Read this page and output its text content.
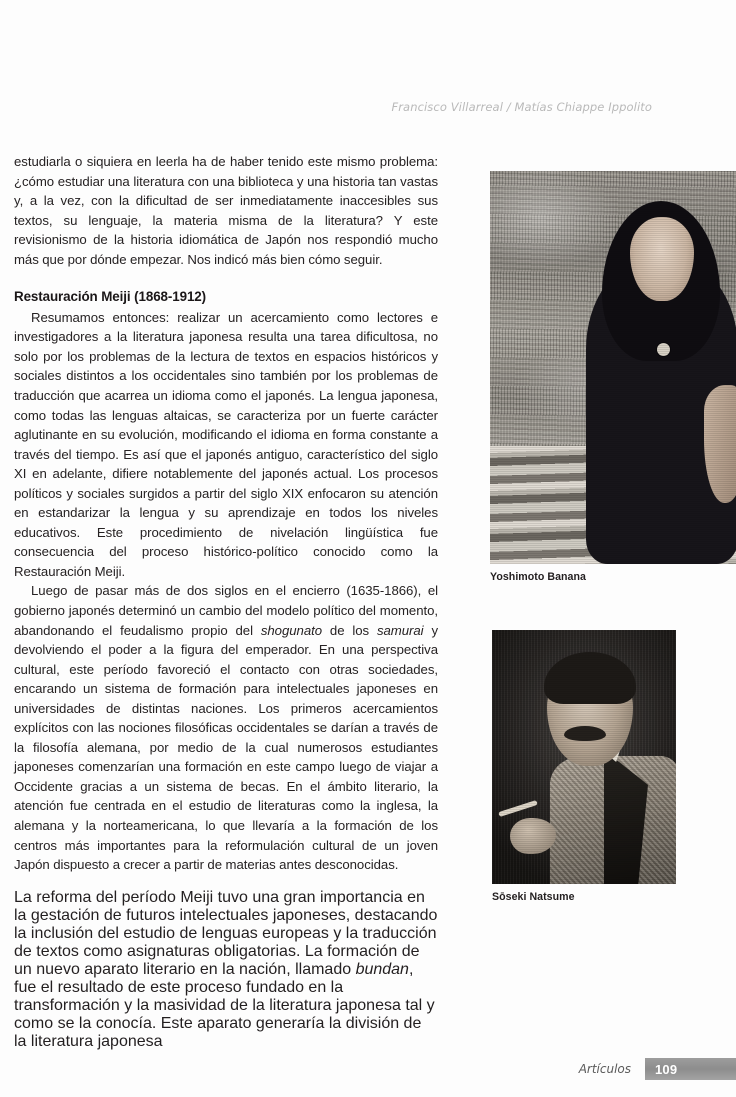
Francisco Villarreal / Matías Chiappe Ippolito

estudiarla o siquiera en leerla ha de haber tenido este mismo problema: ¿cómo estudiar una literatura con una biblioteca y una historia tan vastas y, a la vez, con la dificultad de ser inmediatamente inaccesibles sus textos, su lenguaje, la materia misma de la literatura? Y este revisionismo de la historia idiomática de Japón nos respondió mucho más que por dónde empezar. Nos indicó más bien cómo seguir.

Restauración Meiji (1868-1912)

Resumamos entonces: realizar un acercamiento como lectores e investigadores a la literatura japonesa resulta una tarea dificultosa, no solo por los problemas de la lectura de textos en espacios históricos y sociales distintos a los occidentales sino también por los problemas de traducción que acarrea un idioma como el japonés. La lengua japonesa, como todas las lenguas altaicas, se caracteriza por un fuerte carácter aglutinante en su evolución, modificando el idioma en forma constante a través del tiempo. Es así que el japonés antiguo, característico del siglo XI en adelante, difiere notablemente del japonés actual. Los procesos políticos y sociales surgidos a partir del siglo XIX enfocaron su atención en estandarizar la lengua y su aprendizaje en todos los niveles educativos. Este procedimiento de nivelación lingüística fue consecuencia del proceso histórico-político conocido como la Restauración Meiji.

Luego de pasar más de dos siglos en el encierro (1635-1866), el gobierno japonés determinó un cambio del modelo político del momento, abandonando el feudalismo propio del shogunato de los samurai y devolviendo el poder a la figura del emperador. En una perspectiva cultural, este período favoreció el contacto con otras sociedades, encarando un sistema de formación para intelectuales japoneses en universidades de distintas naciones. Los primeros acercamientos explícitos con las nociones filosóficas occidentales se darían a través de la filosofía alemana, por medio de la cual numerosos estudiantes japoneses comenzarían una formación en este campo luego de viajar a Occidente gracias a un sistema de becas. En el ámbito literario, la atención fue centrada en el estudio de literaturas como la inglesa, la alemana y la norteamericana, lo que llevaría a la formación de los centros más importantes para la reformulación cultural de un joven Japón dispuesto a crecer a partir de materias antes desconocidas.

La reforma del período Meiji tuvo una gran importancia en la gestación de futuros intelectuales japoneses, destacando la inclusión del estudio de lenguas europeas y la traducción de textos como asignaturas obligatorias. La formación de un nuevo aparato literario en la nación, llamado bundan, fue el resultado de este proceso fundado en la transformación y la masividad de la literatura japonesa tal y como se la conocía. Este aparato generaría la división de la literatura japonesa

Yoshimoto Banana
Sōseki Natsume
109
Artículos
